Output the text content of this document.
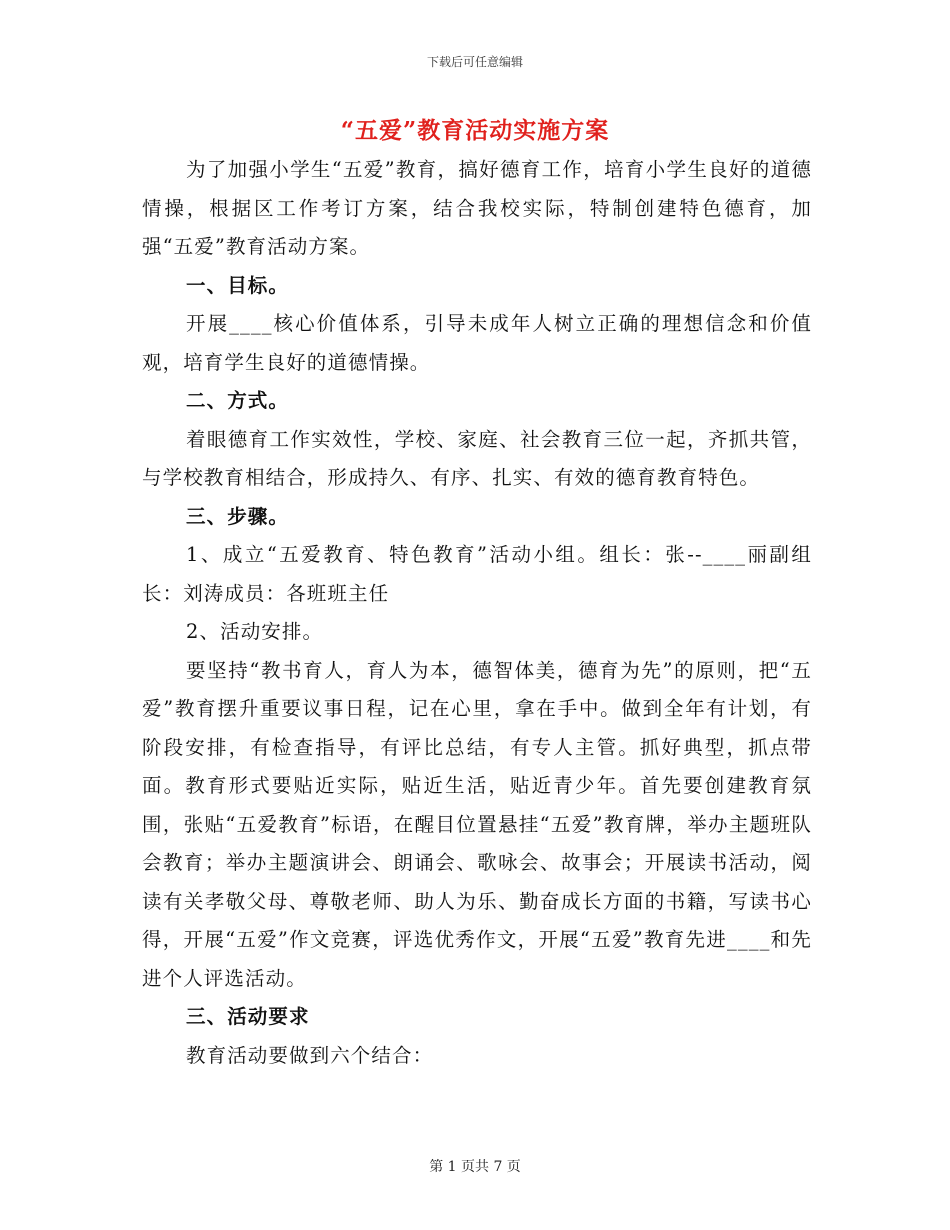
下载后可任意编辑
“五爱”教育活动实施方案

为了加强小学生“五爱”教育，搞好德育工作，培育小学生良好的道德情操，根据区工作考订方案，结合我校实际，特制创建特色德育，加强“五爱”教育活动方案。

一、目标。

开展____核心价值体系，引导未成年人树立正确的理想信念和价值观，培育学生良好的道德情操。

二、方式。

着眼德育工作实效性，学校、家庭、社会教育三位一起，齐抓共管，与学校教育相结合，形成持久、有序、扎实、有效的德育教育特色。

三、步骤。

1、成立“五爱教育、特色教育”活动小组。组长：张--____丽副组长：刘涛成员：各班班主任

2、活动安排。

要坚持“教书育人，育人为本，德智体美，德育为先”的原则，把“五爱”教育摆升重要议事日程，记在心里，拿在手中。做到全年有计划，有阶段安排，有检查指导，有评比总结，有专人主管。抓好典型，抓点带面。教育形式要贴近实际，贴近生活，贴近青少年。首先要创建教育氛围，张贴“五爱教育”标语，在醒目位置悬挂“五爱”教育牌，举办主题班队会教育；举办主题演讲会、朗诵会、歌咏会、故事会；开展读书活动，阅读有关孝敬父母、尊敬老师、助人为乐、勤奋成长方面的书籍，写读书心得，开展“五爱”作文竞赛，评选优秀作文，开展“五爱”教育先进____和先进个人评选活动。

三、活动要求

教育活动要做到六个结合：

第 1 页共 7 页
